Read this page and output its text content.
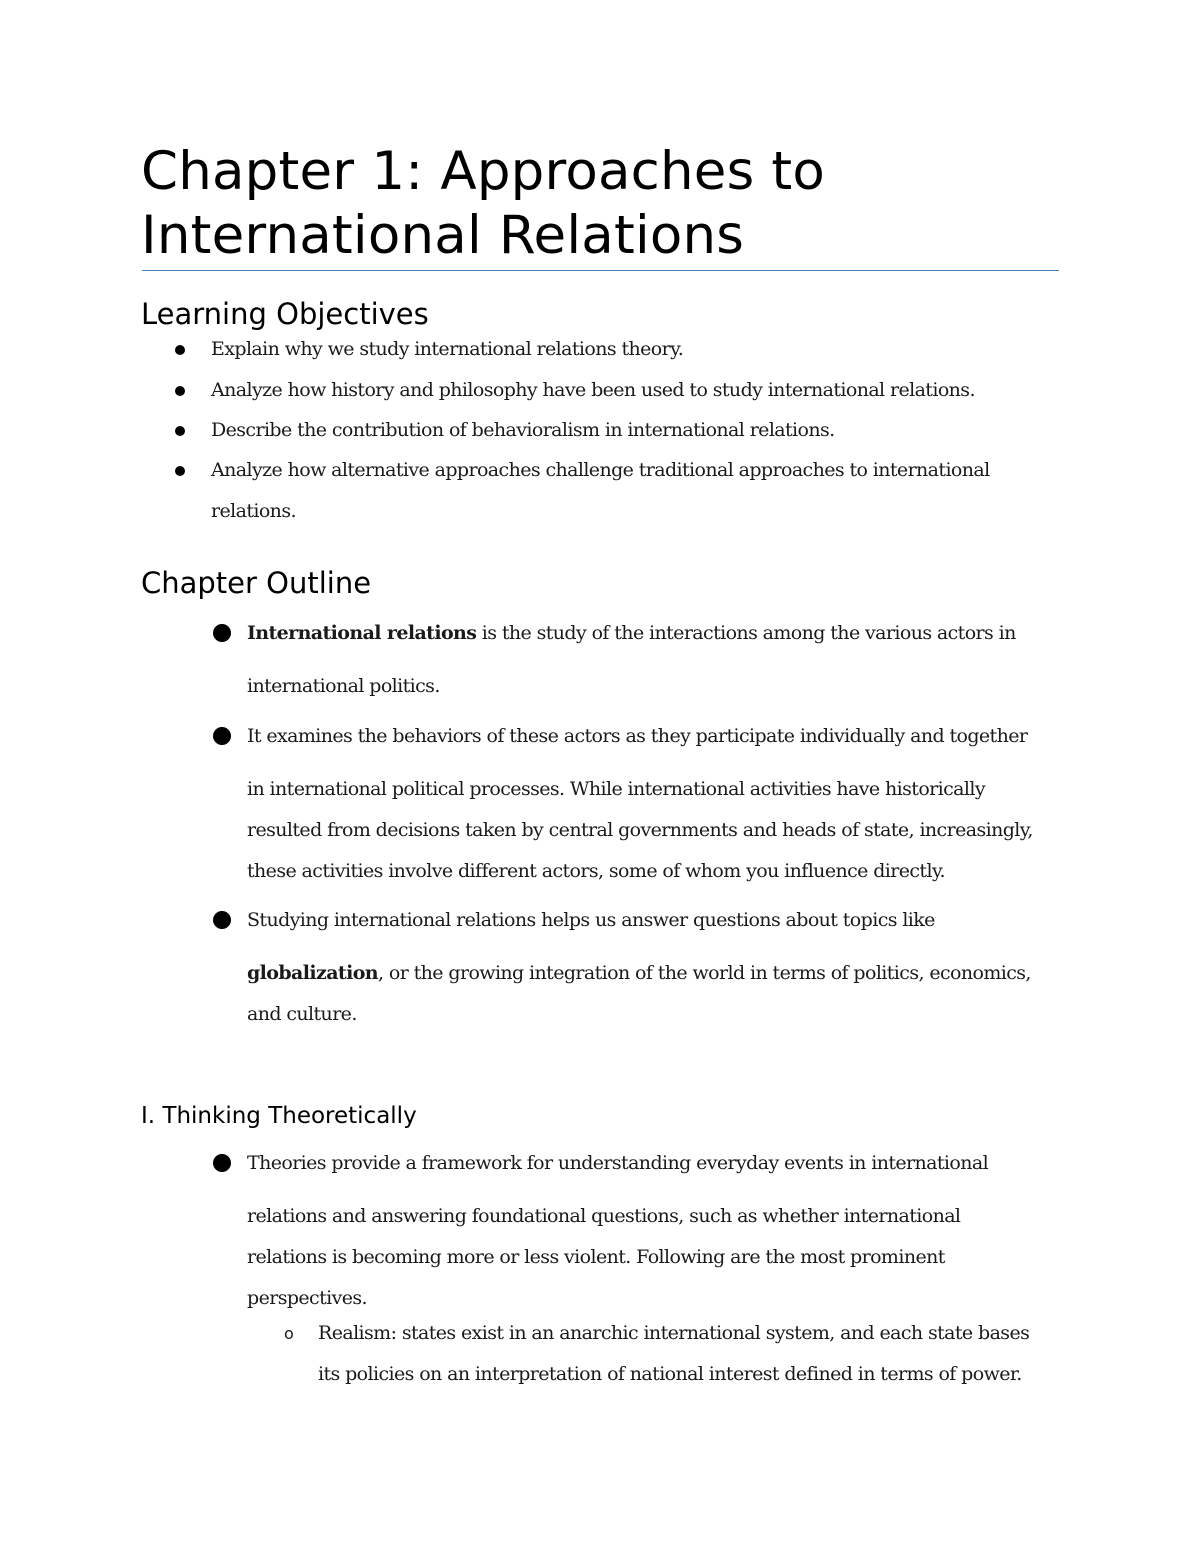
Chapter 1: Approaches to
International Relations
Learning Objectives
Explain why we study international relations theory.
Analyze how history and philosophy have been used to study international relations.
Describe the contribution of behavioralism in international relations.
Analyze how alternative approaches challenge traditional approaches to international relations.
Chapter Outline
International relations is the study of the interactions among the various actors in
international politics.
It examines the behaviors of these actors as they participate individually and together
in international political processes. While international activities have historically
resulted from decisions taken by central governments and heads of state, increasingly,
these activities involve different actors, some of whom you influence directly.
Studying international relations helps us answer questions about topics like
globalization, or the growing integration of the world in terms of politics, economics,
and culture.
I. Thinking Theoretically
Theories provide a framework for understanding everyday events in international
relations and answering foundational questions, such as whether international
relations is becoming more or less violent. Following are the most prominent
perspectives.
o Realism: states exist in an anarchic international system, and each state bases
its policies on an interpretation of national interest defined in terms of power.
